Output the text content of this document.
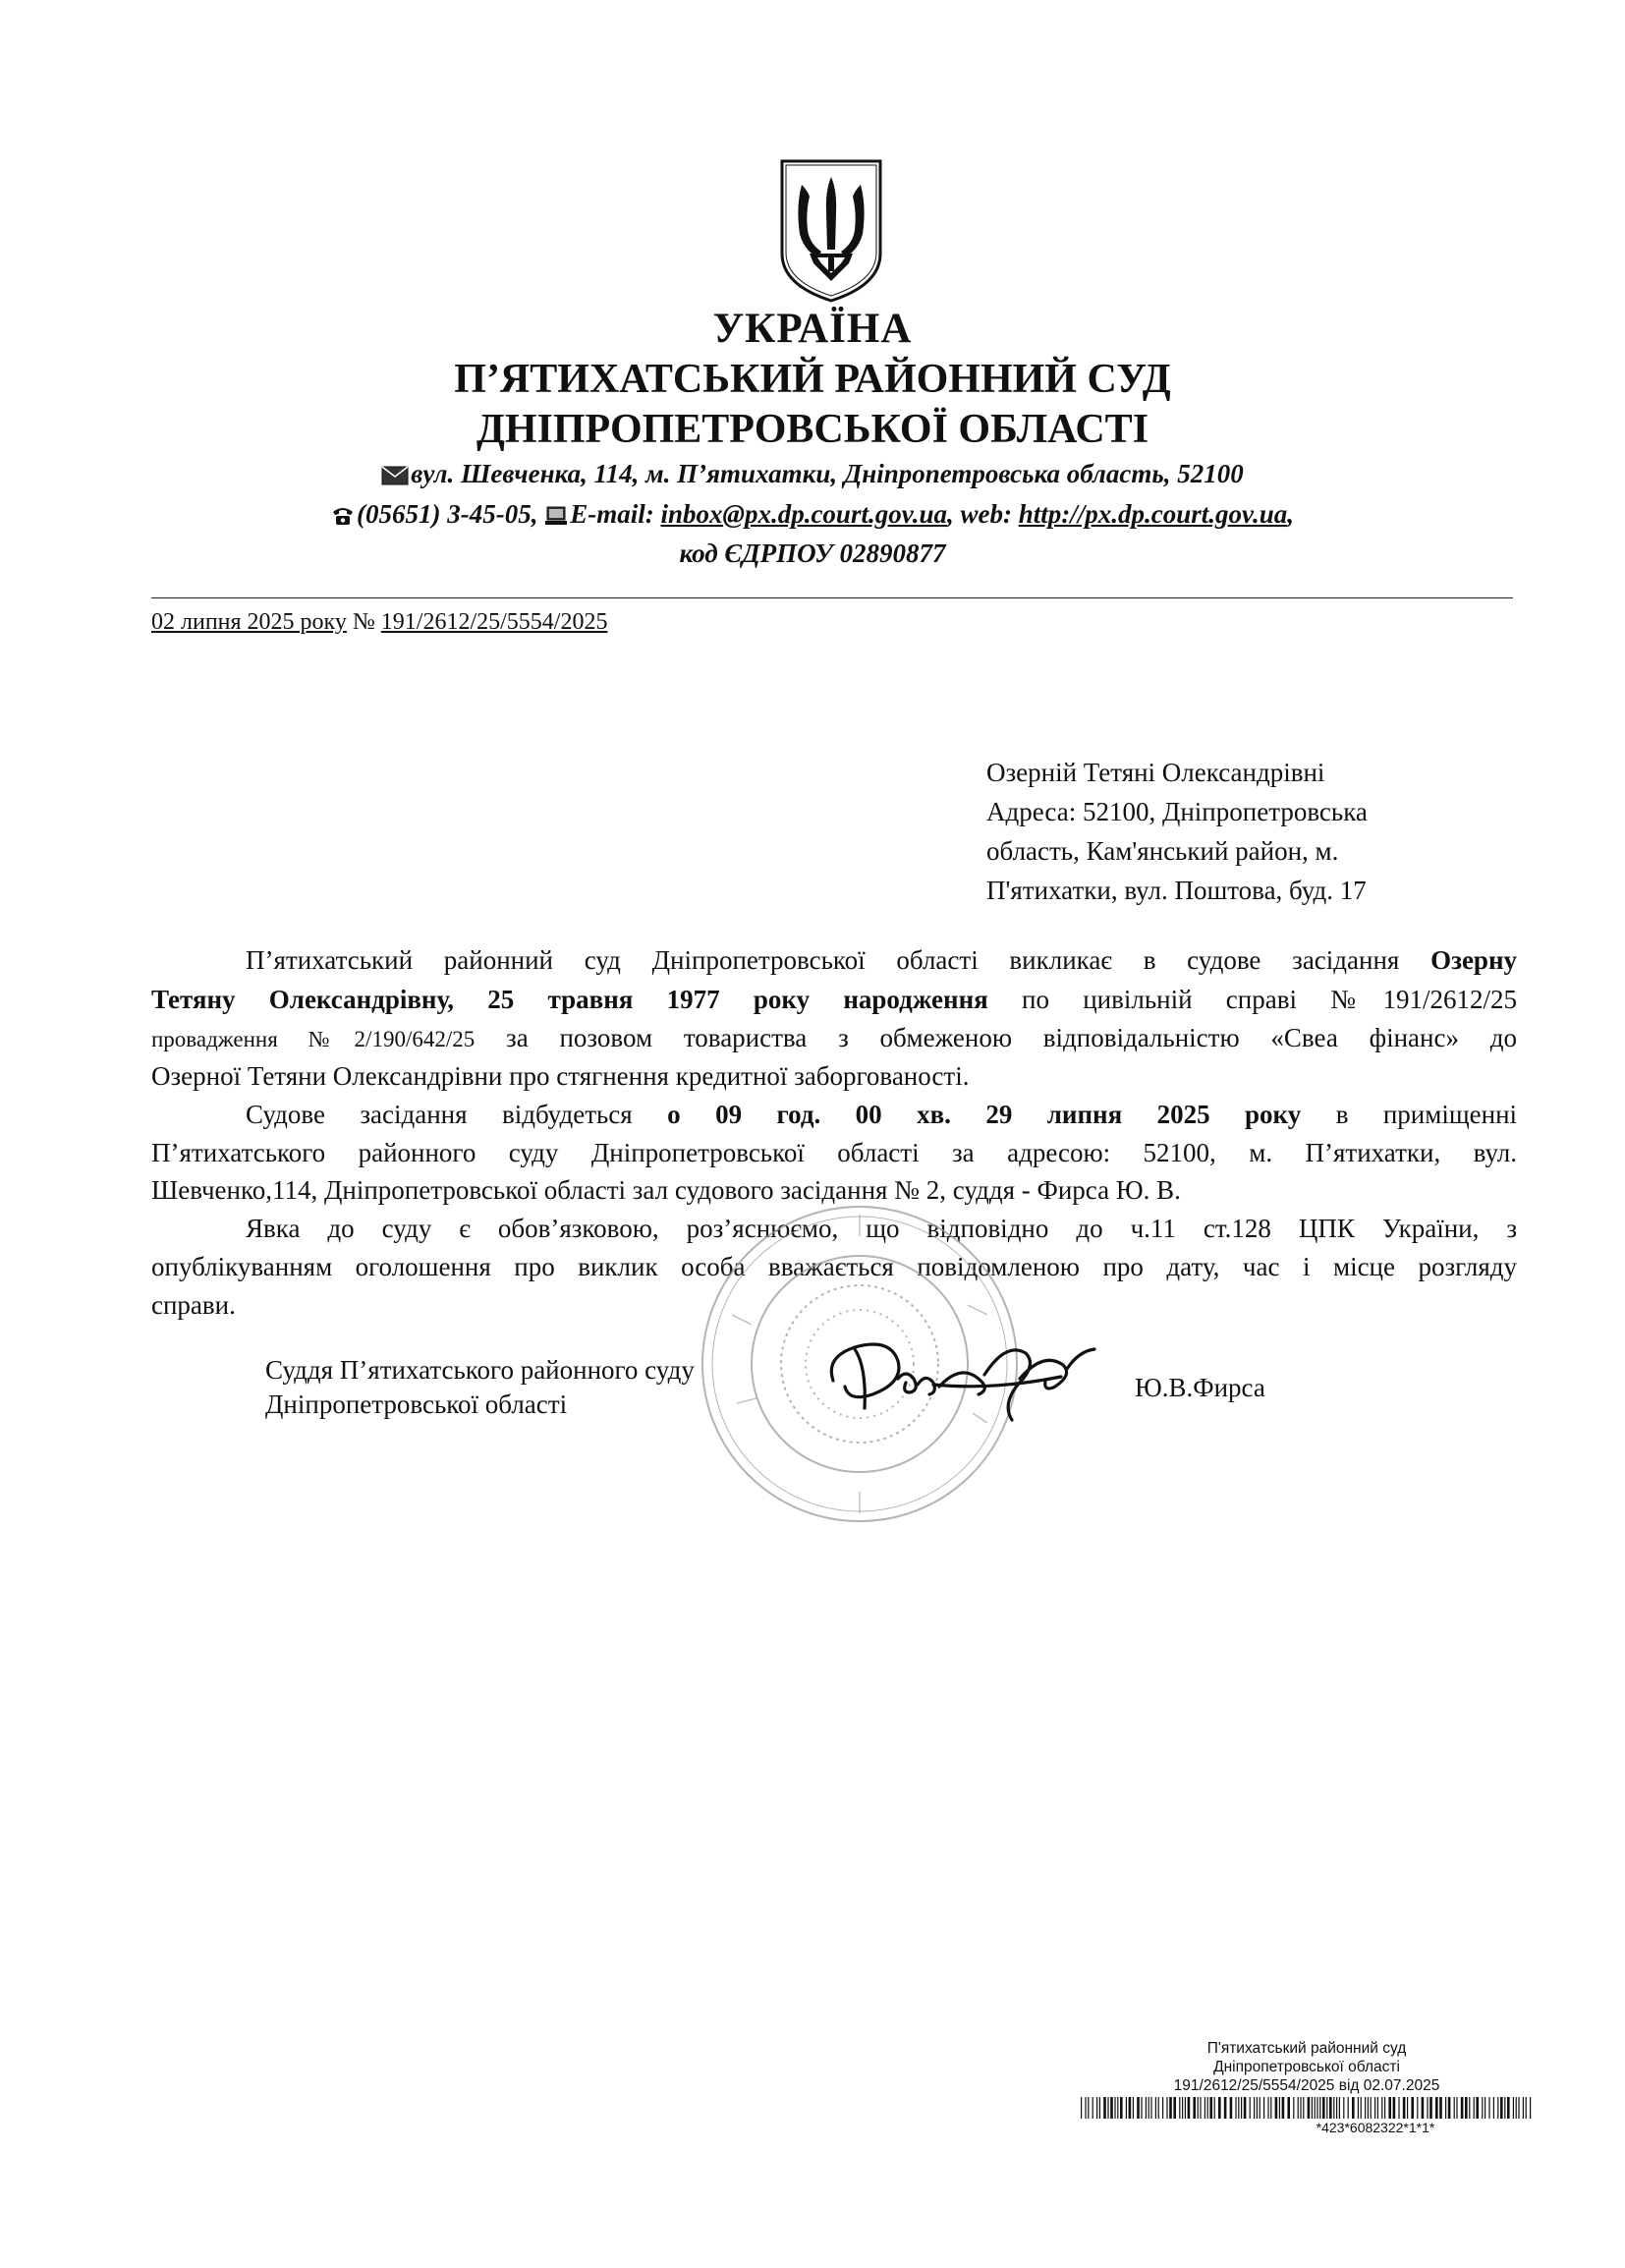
УКРАЇНА
П’ЯТИХАТСЬКИЙ РАЙОННИЙ СУД
ДНІПРОПЕТРОВСЬКОЇ ОБЛАСТІ
вул. Шевченка, 114, м. П’ятихатки, Дніпропетровська область, 52100
(05651) 3-45-05, E-mail: inbox@px.dp.court.gov.ua, web: http://px.dp.court.gov.ua,
код ЄДРПОУ 02890877
02 липня 2025 року № 191/2612/25/5554/2025
Озерній Тетяні Олександрівні
Адреса: 52100, Дніпропетровська
область, Кам'янський район, м.
П'ятихатки, вул. Поштова, буд. 17
П’ятихатський районний суд Дніпропетровської області викликає в судове засідання Озерну
Тетяну Олександрівну, 25 травня 1977 року народження по цивільній справі №191/2612/25
провадження №2/190/642/25 за позовом товариства з обмеженою відповідальністю «Свеа фінанс» до
Озерної Тетяни Олександрівни про стягнення кредитної заборгованості.
Судове засідання відбудеться о 09 год. 00 хв. 29 липня 2025 року в приміщенні
П’ятихатського районного суду Дніпропетровської області за адресою: 52100, м. П’ятихатки, вул.
Шевченко,114, Дніпропетровської області зал судового засідання № 2, суддя - Фирса Ю. В.
Явка до суду є обов’язковою, роз’яснюємо, що відповідно до ч.11 ст.128 ЦПК України, з
опублікуванням оголошення про виклик особа вважається повідомленою про дату, час і місце розгляду
справи.
Суддя П’ятихатського районного суду
Дніпропетровської області
Ю.В.Фирса
П'ятихатський районний суд
Дніпропетровської області
191/2612/25/5554/2025 від 02.07.2025
*423*6082322*1*1*
